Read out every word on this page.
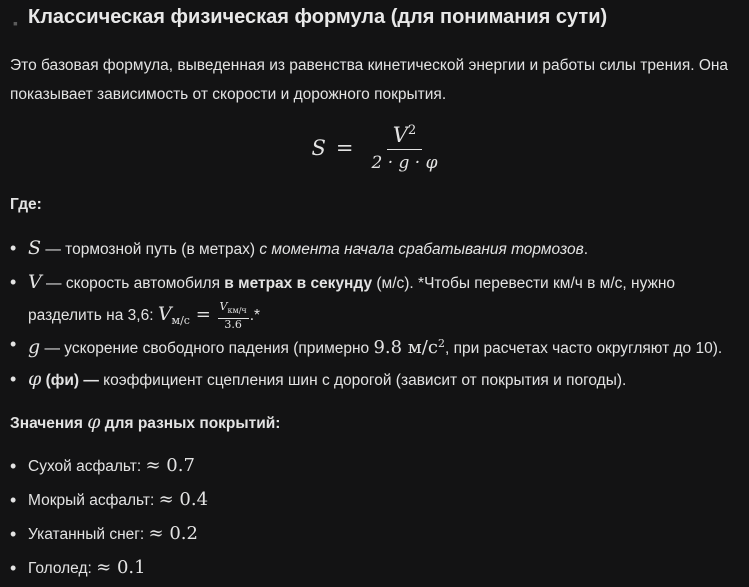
▪ Классическая физическая формула (для понимания сути)

Это базовая формула, выведенная из равенства кинетической энергии и работы силы трения. Она показывает зависимость от скорости и дорожного покрытия.

$S = \frac{V^2}{2 \cdot g \cdot \varphi}$

Где:

• S — тормозной путь (в метрах) с момента начала срабатывания тормозов.
• V — скорость автомобиля в метрах в секунду (м/с). *Чтобы перевести км/ч в м/с, нужно разделить на 3,6: $V_{м/с} = V_{км/ч}$
3.6 .*
• g — ускорение свободного падения (примерно 9.8 $м/с^2$, при расчетах часто округляют до 10).
• φ (фи) — коэффициент сцепления шин с дорогой (зависит от покрытия и погоды).

Значения φ для разных покрытий:

• Сухой асфальт: ≈ 0.7
• Мокрый асфальт: ≈ 0.4
• Укатанный снег: ≈ 0.2
• Гололед: ≈ 0.1
